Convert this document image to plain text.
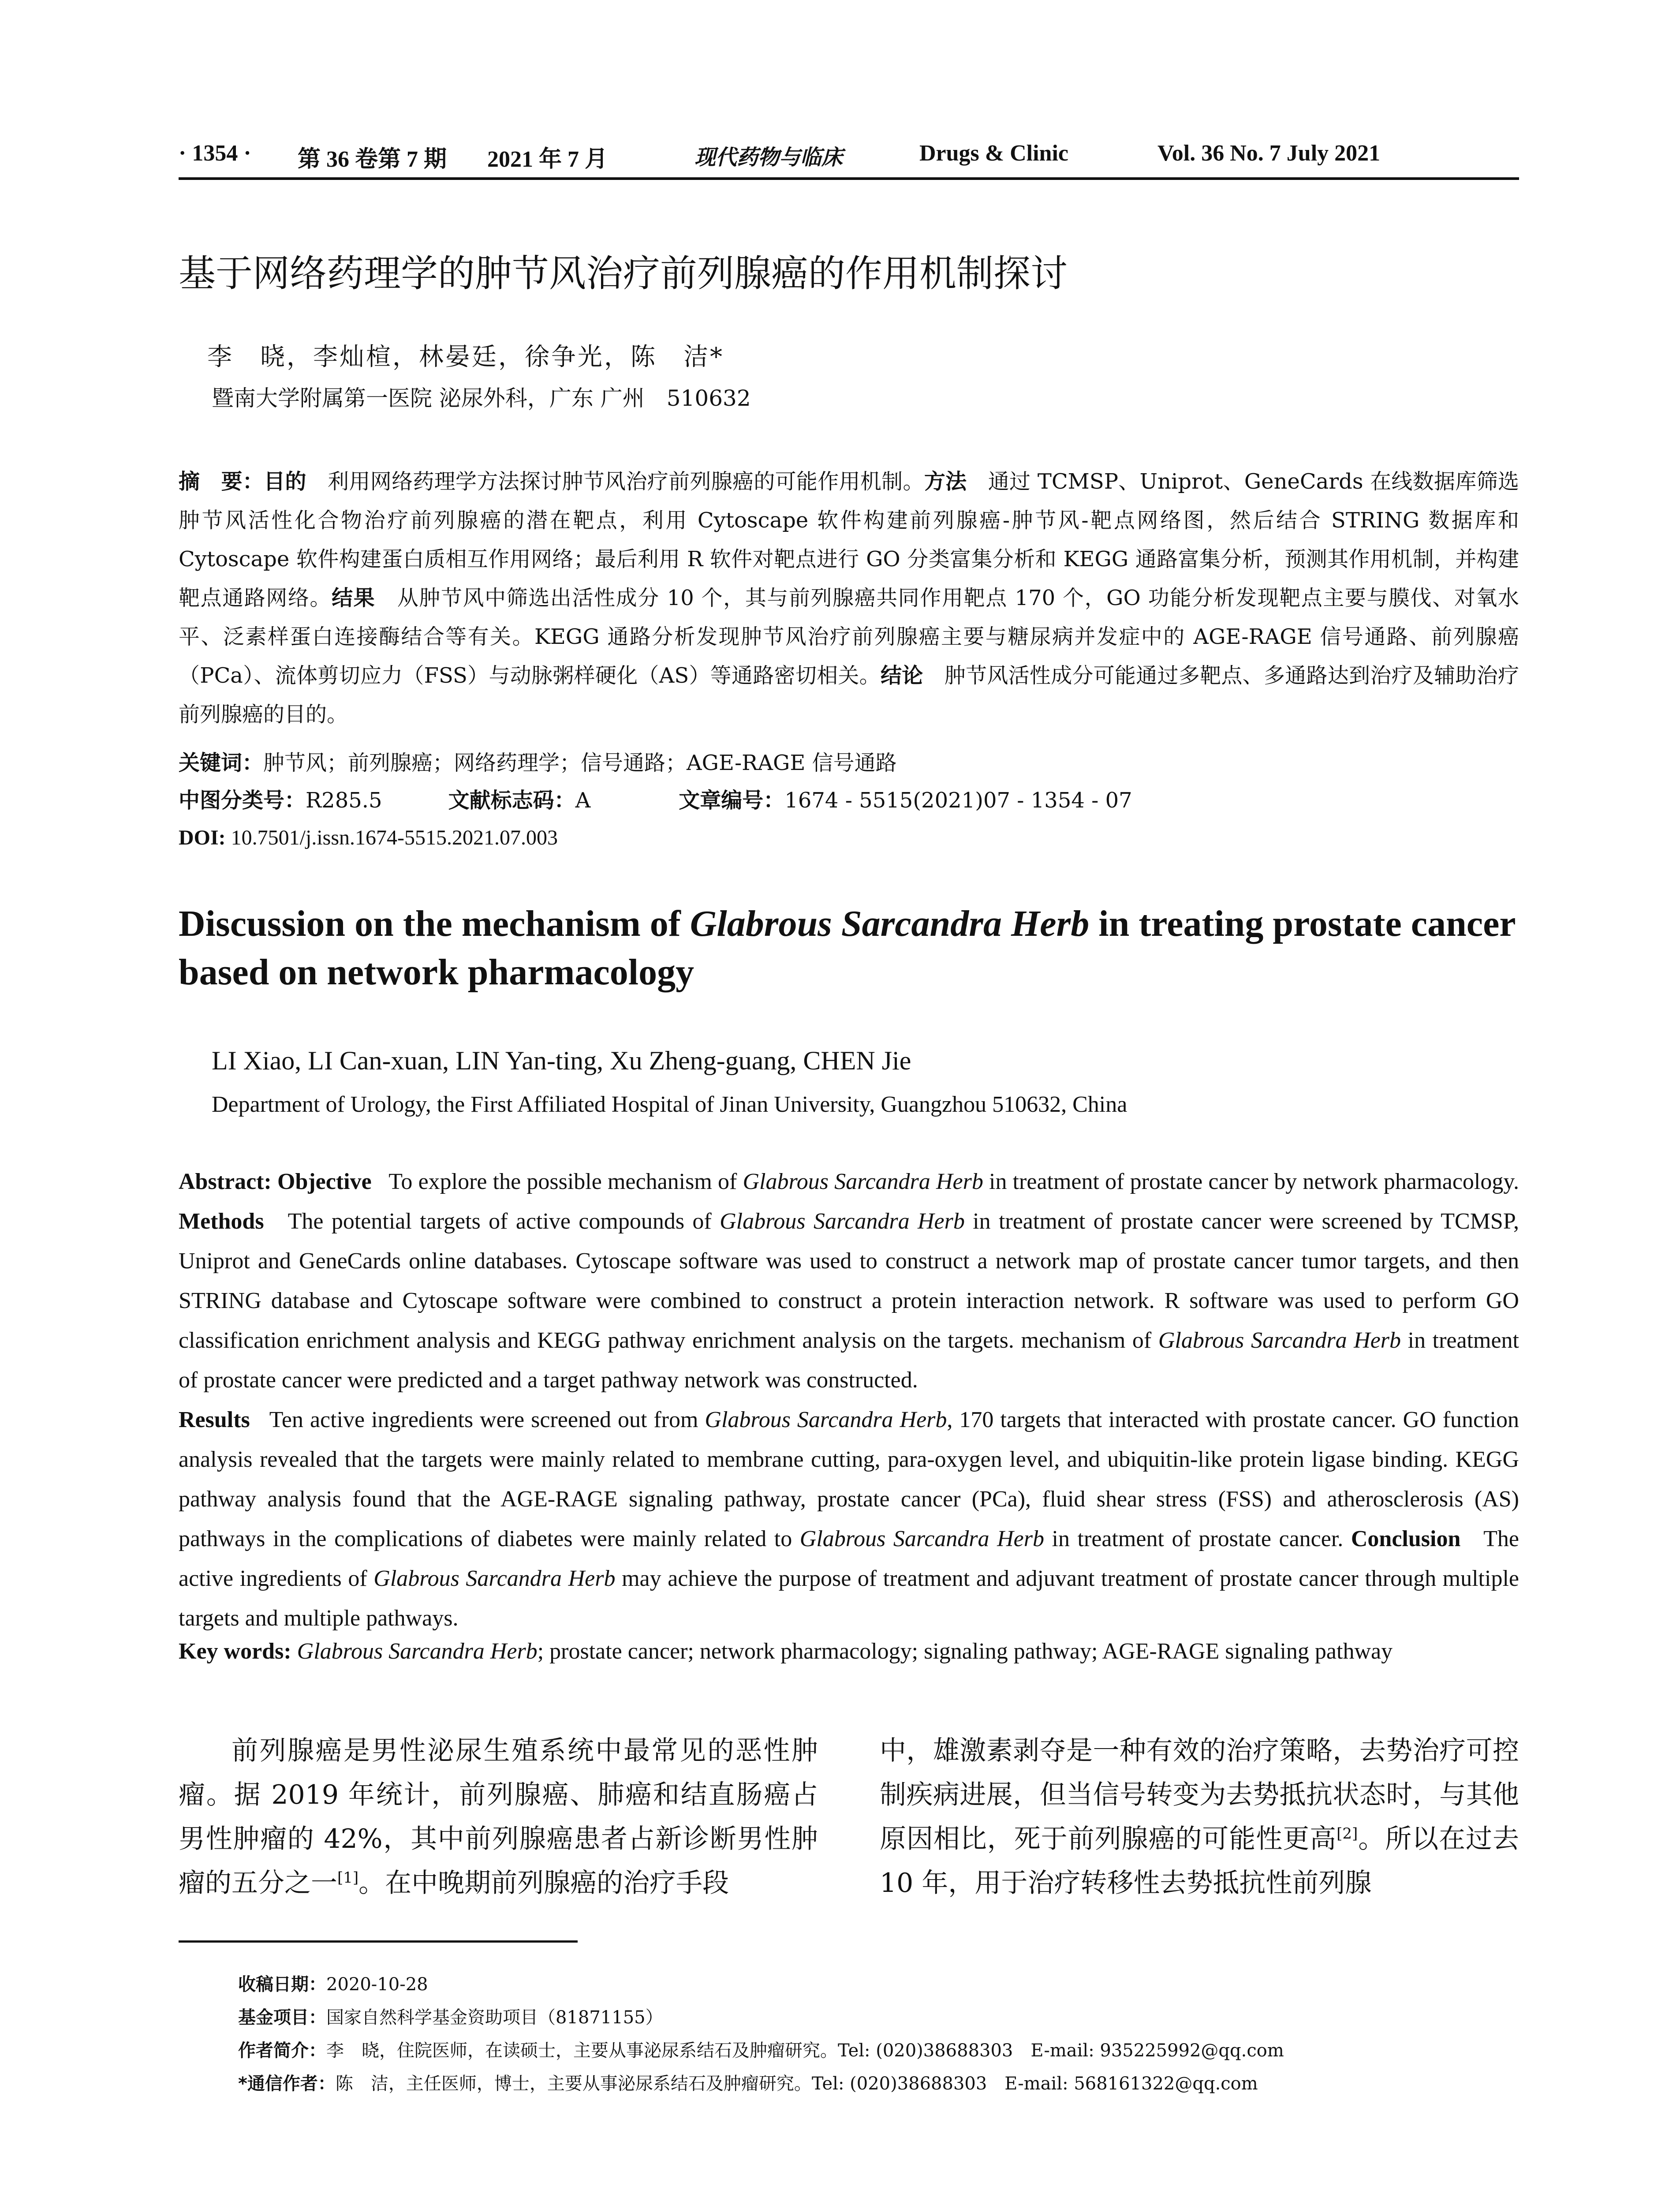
· 1354 · 第 36 卷第 7 期 2021 年 7 月	现代药物与临床	Drugs & Clinic	Vol. 36 No. 7 July 2021
基于网络药理学的肿节风治疗前列腺癌的作用机制探讨
李　晓，李灿楦，林晏廷，徐争光，陈　洁*
暨南大学附属第一医院 泌尿外科，广东 广州　510632
摘　要：目的　 利用网络药理学方法探讨肿节风治疗前列腺癌的可能作用机制。方法　 通过 TCMSP、Uniprot、GeneCards 在线数据库筛选肿节风活性化合物治疗前列腺癌的潜在靶点，利用 Cytoscape 软件构建前列腺癌-肿节风-靶点网络图，然后结合 STRING 数据库和 Cytoscape 软件构建蛋白质相互作用网络；最后利用 R 软件对靶点进行 GO 分类富集分析和 KEGG 通路富集分析，预测其作用机制，并构建靶点通路网络。结果　 从肿节风中筛选出活性成分 10 个，其与前列腺癌共同作用靶点 170 个，GO 功能分析发现靶点主要与膜伐、对氧水平、泛素样蛋白连接酶结合等有关。KEGG 通路分析发现肿节风治疗前列腺癌主要与糖尿病并发症中的 AGE-RAGE 信号通路、前列腺癌（PCa）、流体剪切应力（FSS）与动脉粥样硬化（AS）等通路密切相关。结论　 肿节风活性成分可能通过多靶点、多通路达到治疗及辅助治疗前列腺癌的目的。
关键词：肿节风；前列腺癌；网络药理学；信号通路；AGE-RAGE 信号通路
中图分类号：R285.5	文献标志码：A	文章编号：1674 - 5515(2021)07 - 1354 - 07
DOI: 10.7501/j.issn.1674-5515.2021.07.003
Discussion on the mechanism of Glabrous Sarcandra Herb in treating prostate cancer based on network pharmacology
LI Xiao, LI Can-xuan, LIN Yan-ting, Xu Zheng-guang, CHEN Jie
Department of Urology, the First Affiliated Hospital of Jinan University, Guangzhou 510632, China
Abstract: Objective To explore the possible mechanism of Glabrous Sarcandra Herb in treatment of prostate cancer by network pharmacology. Methods The potential targets of active compounds of Glabrous Sarcandra Herb in treatment of prostate cancer were screened by TCMSP, Uniprot and GeneCards online databases. Cytoscape software was used to construct a network map of prostate cancer tumor targets, and then STRING database and Cytoscape software were combined to construct a protein interaction network. R software was used to perform GO classification enrichment analysis and KEGG pathway enrichment analysis on the targets. mechanism of Glabrous Sarcandra Herb in treatment of prostate cancer were predicted and a target pathway network was constructed.
Results Ten active ingredients were screened out from Glabrous Sarcandra Herb, 170 targets that interacted with prostate cancer. GO function analysis revealed that the targets were mainly related to membrane cutting, para-oxygen level, and ubiquitin-like protein ligase binding. KEGG pathway analysis found that the AGE-RAGE signaling pathway, prostate cancer (PCa), fluid shear stress (FSS) and atherosclerosis (AS) pathways in the complications of diabetes were mainly related to Glabrous Sarcandra Herb in treatment of prostate cancer. Conclusion The active ingredients of Glabrous Sarcandra Herb may achieve the purpose of treatment and adjuvant treatment of prostate cancer through multiple targets and multiple pathways.
Key words: Glabrous Sarcandra Herb; prostate cancer; network pharmacology; signaling pathway; AGE-RAGE signaling pathway
前列腺癌是男性泌尿生殖系统中最常见的恶性肿瘤。据 2019 年统计，前列腺癌、肺癌和结直肠癌占男性肿瘤的 42%，其中前列腺癌患者占新诊断男性肿瘤的五分之一[1]。在中晚期前列腺癌的治疗手段
中，雄激素剥夺是一种有效的治疗策略，去势治疗可控制疾病进展，但当信号转变为去势抵抗状态时，与其他原因相比，死于前列腺癌的可能性更高[2]。所以在过去 10 年，用于治疗转移性去势抵抗性前列腺
收稿日期：2020-10-28
基金项目：国家自然科学基金资助项目（81871155）
作者简介：李　晓，住院医师，在读硕士，主要从事泌尿系结石及肿瘤研究。Tel: (020)38688303　E-mail: 935225992@qq.com
*通信作者：陈　洁，主任医师，博士，主要从事泌尿系结石及肿瘤研究。Tel: (020)38688303　E-mail: 568161322@qq.com
